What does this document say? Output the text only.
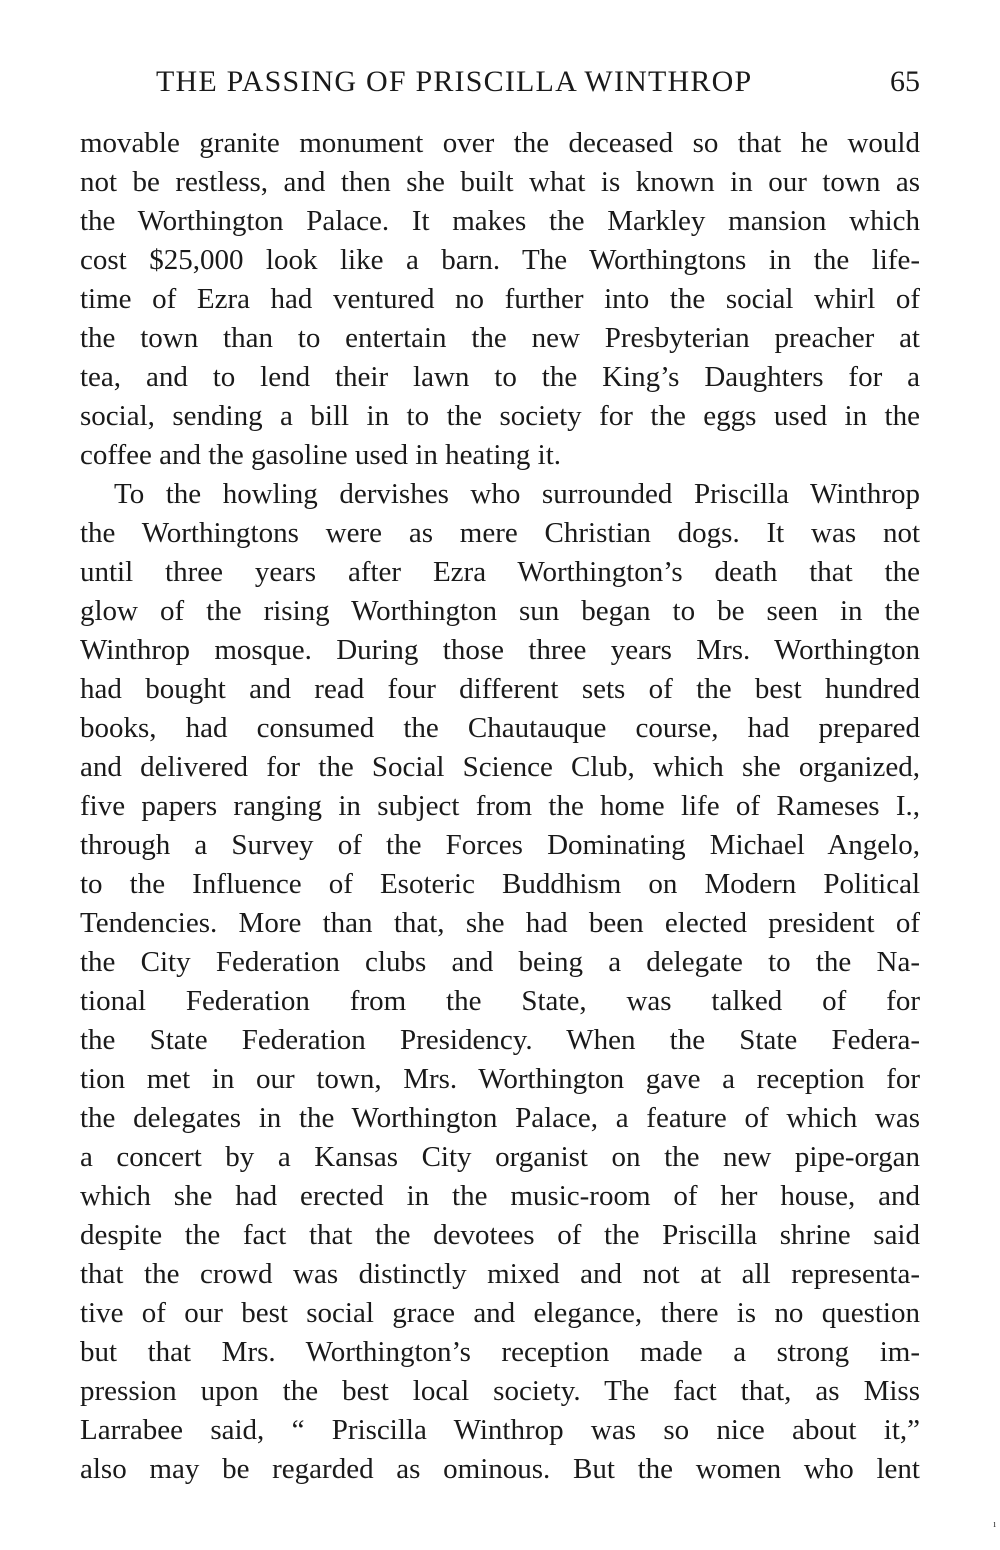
THE PASSING OF PRISCILLA WINTHROP	65
movable granite monument over the deceased so that he would
not be restless, and then she built what is known in our town as
the Worthington Palace. It makes the Markley mansion which
cost $25,000 look like a barn. The Worthingtons in the life-
time of Ezra had ventured no further into the social whirl of
the town than to entertain the new Presbyterian preacher at
tea, and to lend their lawn to the King’s Daughters for a
social, sending a bill in to the society for the eggs used in the
coffee and the gasoline used in heating it.
To the howling dervishes who surrounded Priscilla Winthrop
the Worthingtons were as mere Christian dogs. It was not
until three years after Ezra Worthington’s death that the
glow of the rising Worthington sun began to be seen in the
Winthrop mosque. During those three years Mrs. Worthington
had bought and read four different sets of the best hundred
books, had consumed the Chautauque course, had prepared
and delivered for the Social Science Club, which she organized,
five papers ranging in subject from the home life of Rameses I.,
through a Survey of the Forces Dominating Michael Angelo,
to the Influence of Esoteric Buddhism on Modern Political
Tendencies. More than that, she had been elected president of
the City Federation clubs and being a delegate to the Na-
tional Federation from the State, was talked of for
the State Federation Presidency. When the State Federa-
tion met in our town, Mrs. Worthington gave a reception for
the delegates in the Worthington Palace, a feature of which was
a concert by a Kansas City organist on the new pipe-organ
which she had erected in the music-room of her house, and
despite the fact that the devotees of the Priscilla shrine said
that the crowd was distinctly mixed and not at all representa-
tive of our best social grace and elegance, there is no question
but that Mrs. Worthington’s reception made a strong im-
pression upon the best local society. The fact that, as Miss
Larrabee said, “ Priscilla Winthrop was so nice about it,”
also may be regarded as ominous. But the women who lent
ı
